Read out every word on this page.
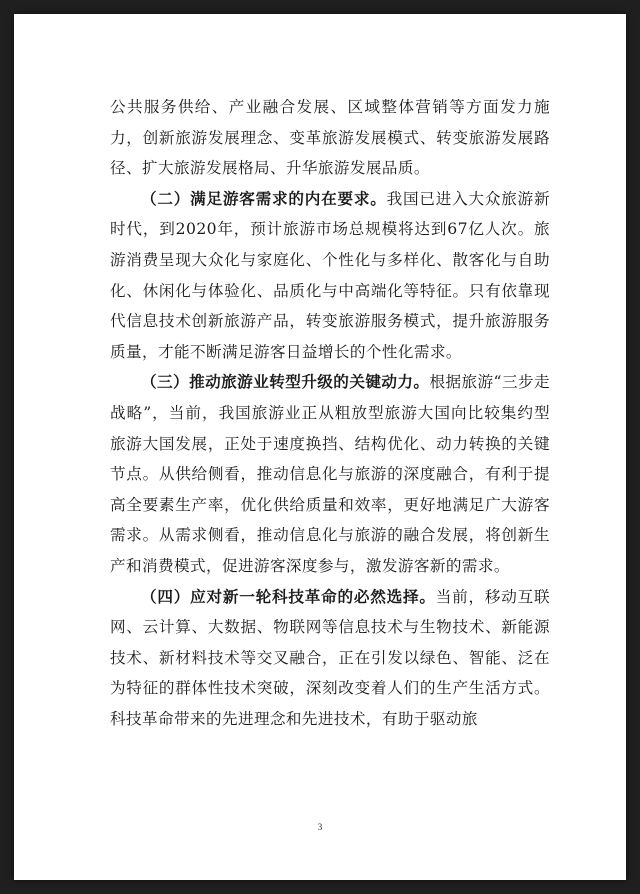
公共服务供给、产业融合发展、区域整体营销等方面发力施力，创新旅游发展理念、变革旅游发展模式、转变旅游发展路径、扩大旅游发展格局、升华旅游发展品质。

（二）满足游客需求的内在要求。我国已进入大众旅游新时代，到2020年，预计旅游市场总规模将达到67亿人次。旅游消费呈现大众化与家庭化、个性化与多样化、散客化与自助化、休闲化与体验化、品质化与中高端化等特征。只有依靠现代信息技术创新旅游产品，转变旅游服务模式，提升旅游服务质量，才能不断满足游客日益增长的个性化需求。

（三）推动旅游业转型升级的关键动力。根据旅游“三步走战略”，当前，我国旅游业正从粗放型旅游大国向比较集约型旅游大国发展，正处于速度换挡、结构优化、动力转换的关键节点。从供给侧看，推动信息化与旅游的深度融合，有利于提高全要素生产率，优化供给质量和效率，更好地满足广大游客需求。从需求侧看，推动信息化与旅游的融合发展，将创新生产和消费模式，促进游客深度参与，激发游客新的需求。

（四）应对新一轮科技革命的必然选择。当前，移动互联网、云计算、大数据、物联网等信息技术与生物技术、新能源技术、新材料技术等交叉融合，正在引发以绿色、智能、泛在为特征的群体性技术突破，深刻改变着人们的生产生活方式。科技革命带来的先进理念和先进技术，有助于驱动旅

3
